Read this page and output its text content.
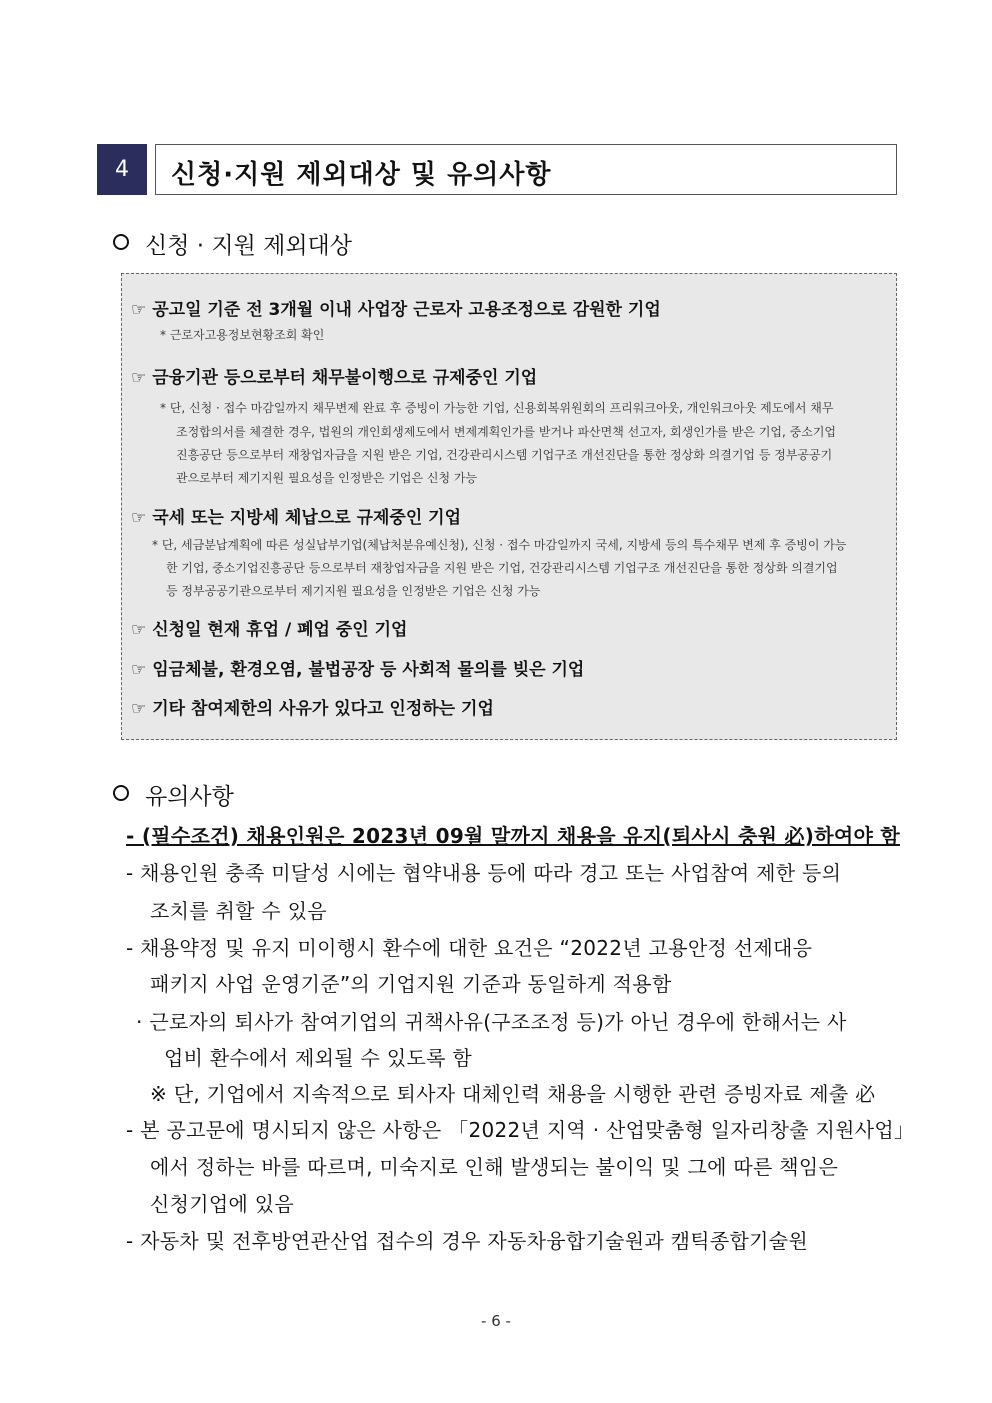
4	신청·지원 제외대상 및 유의사항
신청 · 지원 제외대상
☞ 공고일 기준 전 3개월 이내 사업장 근로자 고용조정으로 감원한 기업
* 근로자고용정보현황조회 확인
☞ 금융기관 등으로부터 채무불이행으로 규제중인 기업
* 단, 신청 · 접수 마감일까지 채무변제 완료 후 증빙이 가능한 기업, 신용회복위원회의 프리워크아웃, 개인워크아웃 제도에서 채무
조정합의서를 체결한 경우, 법원의 개인회생제도에서 변제계획인가를 받거나 파산면책 선고자, 회생인가를 받은 기업, 중소기업
진흥공단 등으로부터 재창업자금을 지원 받은 기업, 건강관리시스템 기업구조 개선진단을 통한 정상화 의결기업 등 정부공공기
관으로부터 제기지원 필요성을 인정받은 기업은 신청 가능
☞ 국세 또는 지방세 체납으로 규제중인 기업
* 단, 세금분납계획에 따른 성실납부기업(체납처분유예신청), 신청 · 접수 마감일까지 국세, 지방세 등의 특수채무 변제 후 증빙이 가능
한 기업, 중소기업진흥공단 등으로부터 재창업자금을 지원 받은 기업, 건강관리시스템 기업구조 개선진단을 통한 정상화 의결기업
등 정부공공기관으로부터 제기지원 필요성을 인정받은 기업은 신청 가능
☞ 신청일 현재 휴업 / 폐업 중인 기업
☞ 임금체불, 환경오염, 불법공장 등 사회적 물의를 빚은 기업
☞ 기타 참여제한의 사유가 있다고 인정하는 기업
유의사항
- (필수조건) 채용인원은 2023년 09월 말까지 채용을 유지(퇴사시 충원 必)하여야 함
- 채용인원 충족 미달성 시에는 협약내용 등에 따라 경고 또는 사업참여 제한 등의
조치를 취할 수 있음
- 채용약정 및 유지 미이행시 환수에 대한 요건은 “2022년 고용안정 선제대응
패키지 사업 운영기준”의 기업지원 기준과 동일하게 적용함
· 근로자의 퇴사가 참여기업의 귀책사유(구조조정 등)가 아닌 경우에 한해서는 사
업비 환수에서 제외될 수 있도록 함
※ 단, 기업에서 지속적으로 퇴사자 대체인력 채용을 시행한 관련 증빙자료 제출 必
- 본 공고문에 명시되지 않은 사항은 「2022년 지역 · 산업맞춤형 일자리창출 지원사업」
에서 정하는 바를 따르며, 미숙지로 인해 발생되는 불이익 및 그에 따른 책임은
신청기업에 있음
- 자동차 및 전후방연관산업 접수의 경우 자동차융합기술원과 캠틱종합기술원
- 6 -
